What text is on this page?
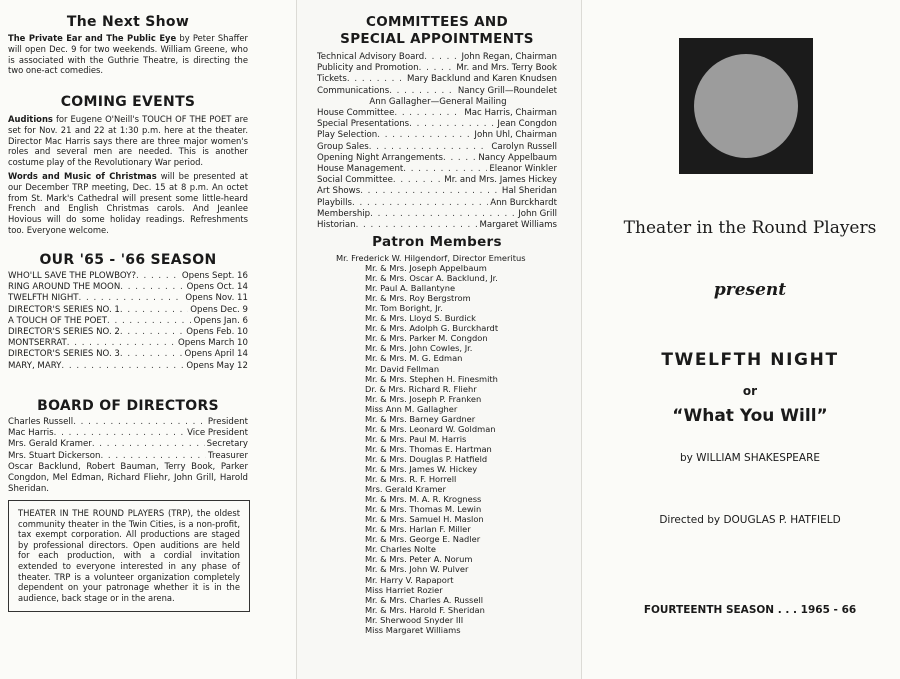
The Next Show
The Private Ear and The Public Eye by Peter Shaffer will open Dec. 9 for two weekends. William Greene, who is associated with the Guthrie Theatre, is directing the two one-act comedies.
COMING EVENTS
Auditions for Eugene O'Neill's TOUCH OF THE POET are set for Nov. 21 and 22 at 1:30 p.m. here at the theater. Director Mac Harris says there are three major women's roles and several men are needed. This is another costume play of the Revolutionary War period.
Words and Music of Christmas will be presented at our December TRP meeting, Dec. 15 at 8 p.m. An octet from St. Mark's Cathedral will present some little-heard French and English Christmas carols. And Jeanlee Hovious will do some holiday readings. Refreshments too. Everyone welcome.
OUR '65 - '66 SEASON
WHO'LL SAVE THE PLOWBOY? . . .	Opens Sept. 16
RING AROUND THE MOON . . .	Opens Oct. 14
TWELFTH NIGHT . . .	Opens Nov. 11
DIRECTOR'S SERIES NO. 1 . . .	Opens Dec. 9
A TOUCH OF THE POET . . .	Opens Jan. 6
DIRECTOR'S SERIES NO. 2 . . .	Opens Feb. 10
MONTSERRAT . . .	Opens March 10
DIRECTOR'S SERIES NO. 3 . . .	Opens April 14
MARY, MARY . . .	Opens May 12
BOARD OF DIRECTORS
Charles Russell . . .	President
Mac Harris . . .	Vice President
Mrs. Gerald Kramer . . .	Secretary
Mrs. Stuart Dickerson . . .	Treasurer
Oscar Backlund, Robert Bauman, Terry Book, Parker Congdon, Mel Edman, Richard Fliehr, John Grill, Harold Sheridan.
THEATER IN THE ROUND PLAYERS (TRP), the oldest community theater in the Twin Cities, is a non-profit, tax exempt corporation. All productions are staged by professional directors. Open auditions are held for each production, with a cordial invitation extended to everyone interested in any phase of theater. TRP is a volunteer organization completely dependent on your patronage whether it is in the audience, back stage or in the arena.
COMMITTEES AND SPECIAL APPOINTMENTS
Technical Advisory Board . . .	John Regan, Chairman
Publicity and Promotion . . .	Mr. and Mrs. Terry Book
Tickets . . .	Mary Backlund and Karen Knudsen
Communications . . .	Nancy Grill—Roundelet
Ann Gallagher—General Mailing
House Committee . . .	Mac Harris, Chairman
Special Presentations . . .	Jean Congdon
Play Selection . . .	John Uhl, Chairman
Group Sales . . .	Carolyn Russell
Opening Night Arrangements . . .	Nancy Appelbaum
House Management . . .	Eleanor Winkler
Social Committee . . .	Mr. and Mrs. James Hickey
Art Shows . . .	Hal Sheridan
Playbills . . .	Ann Burckhardt
Membership . . .	John Grill
Historian . . .	Margaret Williams
Patron Members
Mr. Frederick W. Hilgendorf, Director Emeritus
Mr. & Mrs. Joseph Appelbaum
Mr. & Mrs. Oscar A. Backlund, Jr.
Mr. Paul A. Ballantyne
Mr. & Mrs. Roy Bergstrom
Mr. Tom Boright, Jr.
Mr. & Mrs. Lloyd S. Burdick
Mr. & Mrs. Adolph G. Burckhardt
Mr. & Mrs. Parker M. Congdon
Mr. & Mrs. John Cowles, Jr.
Mr. & Mrs. M. G. Edman
Mr. David Fellman
Mr. & Mrs. Stephen H. Finesmith
Dr. & Mrs. Richard R. Fliehr
Mr. & Mrs. Joseph P. Franken
Miss Ann M. Gallagher
Mr. & Mrs. Barney Gardner
Mr. & Mrs. Leonard W. Goldman
Mr. & Mrs. Paul M. Harris
Mr. & Mrs. Thomas E. Hartman
Mr. & Mrs. Douglas P. Hatfield
Mr. & Mrs. James W. Hickey
Mr. & Mrs. R. F. Horrell
Mrs. Gerald Kramer
Mr. & Mrs. M. A. R. Krogness
Mr. & Mrs. Thomas M. Lewin
Mr. & Mrs. Samuel H. Maslon
Mr. & Mrs. Harlan F. Miller
Mr. & Mrs. George E. Nadler
Mr. Charles Nolte
Mr. & Mrs. Peter A. Norum
Mr. & Mrs. John W. Pulver
Mr. Harry V. Rapaport
Miss Harriet Rozier
Mr. & Mrs. Charles A. Russell
Mr. & Mrs. Harold F. Sheridan
Mr. Sherwood Snyder III
Miss Margaret Williams
Theater in the Round Players
present
TWELFTH NIGHT
or
“What You Will”
by WILLIAM SHAKESPEARE
Directed by DOUGLAS P. HATFIELD
FOURTEENTH SEASON . . . 1965 - 66
